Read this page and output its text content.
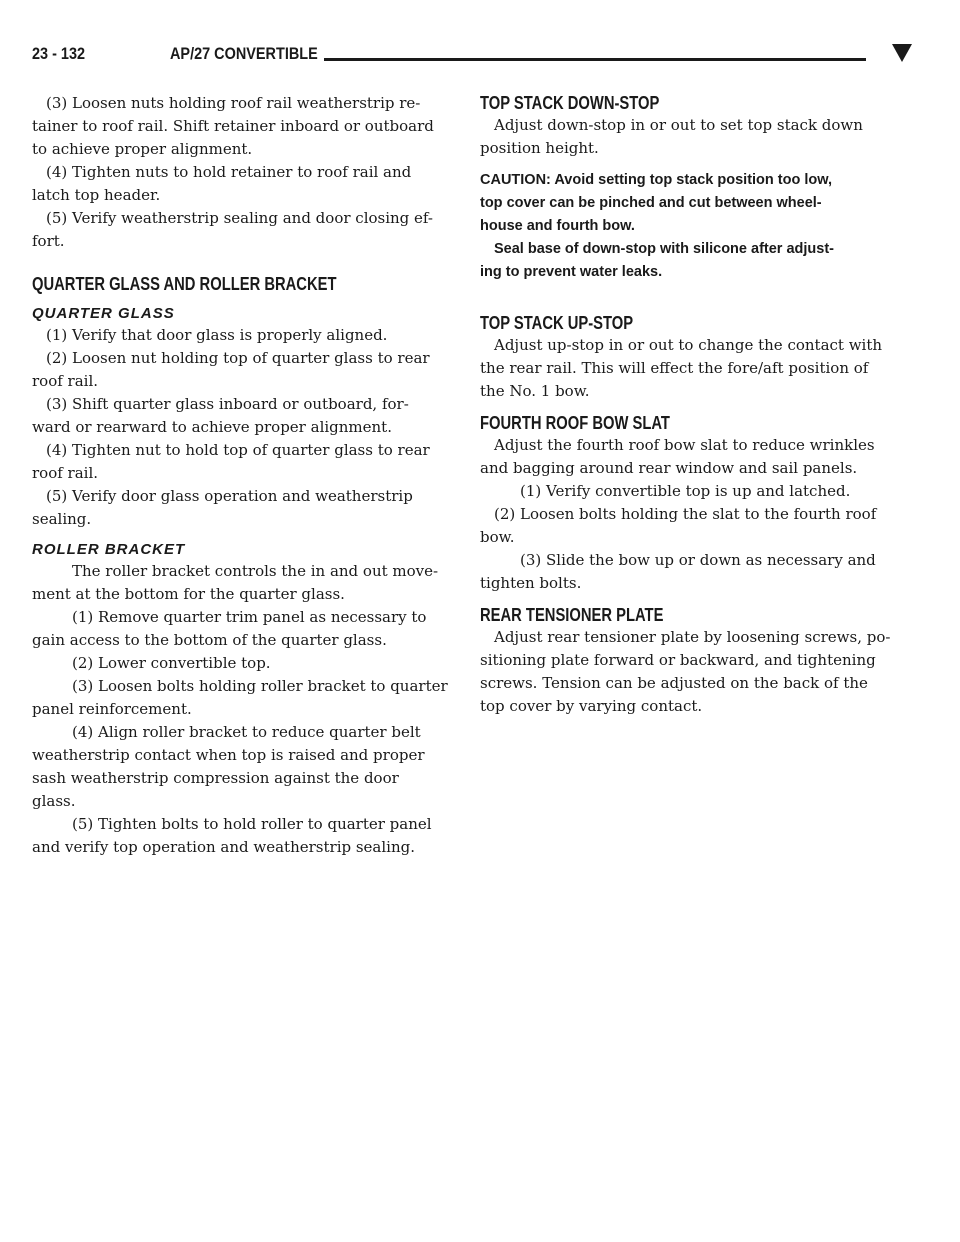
23 - 132	AP/27 CONVERTIBLE

(3) Loosen nuts holding roof rail weatherstrip re-

tainer to roof rail. Shift retainer inboard or outboard

to achieve proper alignment.

(4) Tighten nuts to hold retainer to roof rail and

latch top header.

(5) Verify weatherstrip sealing and door closing ef-

fort.

QUARTER GLASS AND ROLLER BRACKET

QUARTER GLASS

(1) Verify that door glass is properly aligned.

(2) Loosen nut holding top of quarter glass to rear

roof rail.

(3) Shift quarter glass inboard or outboard, for-

ward or rearward to achieve proper alignment.

(4) Tighten nut to hold top of quarter glass to rear

roof rail.

(5) Verify door glass operation and weatherstrip

sealing.

ROLLER BRACKET

The roller bracket controls the in and out move-

ment at the bottom for the quarter glass.

(1) Remove quarter trim panel as necessary to

gain access to the bottom of the quarter glass.

(2) Lower convertible top.

(3) Loosen bolts holding roller bracket to quarter

panel reinforcement.

(4) Align roller bracket to reduce quarter belt

weatherstrip contact when top is raised and proper

sash weatherstrip compression against the door

glass.

(5) Tighten bolts to hold roller to quarter panel

and verify top operation and weatherstrip sealing.

TOP STACK DOWN-STOP

Adjust down-stop in or out to set top stack down

position height.

CAUTION: Avoid setting top stack position too low,

top cover can be pinched and cut between wheel-

house and fourth bow.

Seal base of down-stop with silicone after adjust-

ing to prevent water leaks.

TOP STACK UP-STOP

Adjust up-stop in or out to change the contact with

the rear rail. This will effect the fore/aft position of

the No. 1 bow.

FOURTH ROOF BOW SLAT

Adjust the fourth roof bow slat to reduce wrinkles

and bagging around rear window and sail panels.

(1) Verify convertible top is up and latched.

(2) Loosen bolts holding the slat to the fourth roof

bow.

(3) Slide the bow up or down as necessary and

tighten bolts.

REAR TENSIONER PLATE

Adjust rear tensioner plate by loosening screws, po-

sitioning plate forward or backward, and tightening

screws. Tension can be adjusted on the back of the

top cover by varying contact.
